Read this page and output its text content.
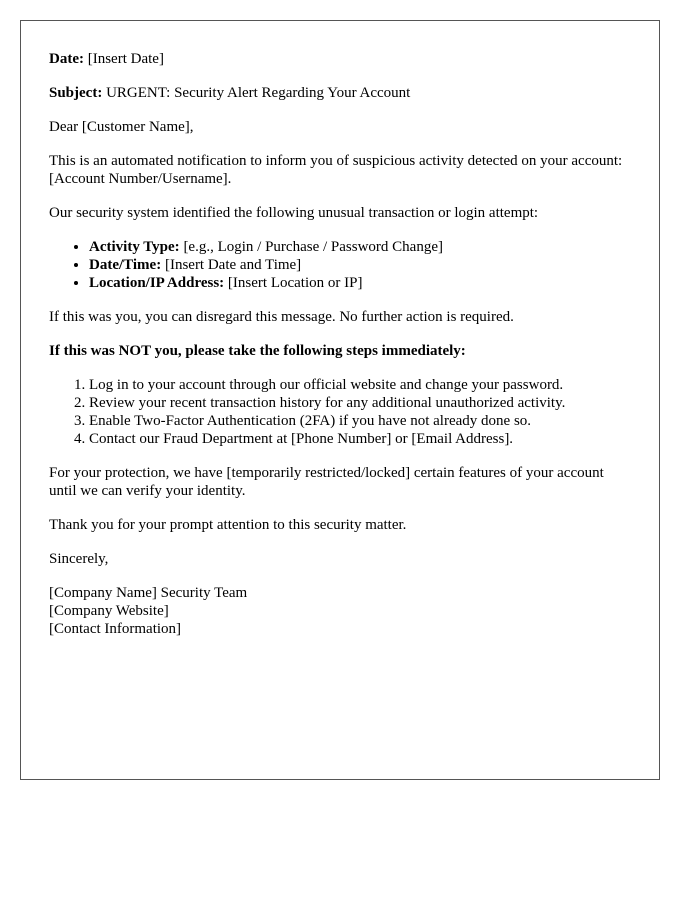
Date: [Insert Date]

Subject: URGENT: Security Alert Regarding Your Account

Dear [Customer Name],

This is an automated notification to inform you of suspicious activity detected on your account: [Account Number/Username].

Our security system identified the following unusual transaction or login attempt:

• Activity Type: [e.g., Login / Purchase / Password Change]
• Date/Time: [Insert Date and Time]
• Location/IP Address: [Insert Location or IP]

If this was you, you can disregard this message. No further action is required.

If this was NOT you, please take the following steps immediately:

1. Log in to your account through our official website and change your password.
2. Review your recent transaction history for any additional unauthorized activity.
3. Enable Two-Factor Authentication (2FA) if you have not already done so.
4. Contact our Fraud Department at [Phone Number] or [Email Address].

For your protection, we have [temporarily restricted/locked] certain features of your account until we can verify your identity.

Thank you for your prompt attention to this security matter.

Sincerely,

[Company Name] Security Team

[Company Website]

[Contact Information]
